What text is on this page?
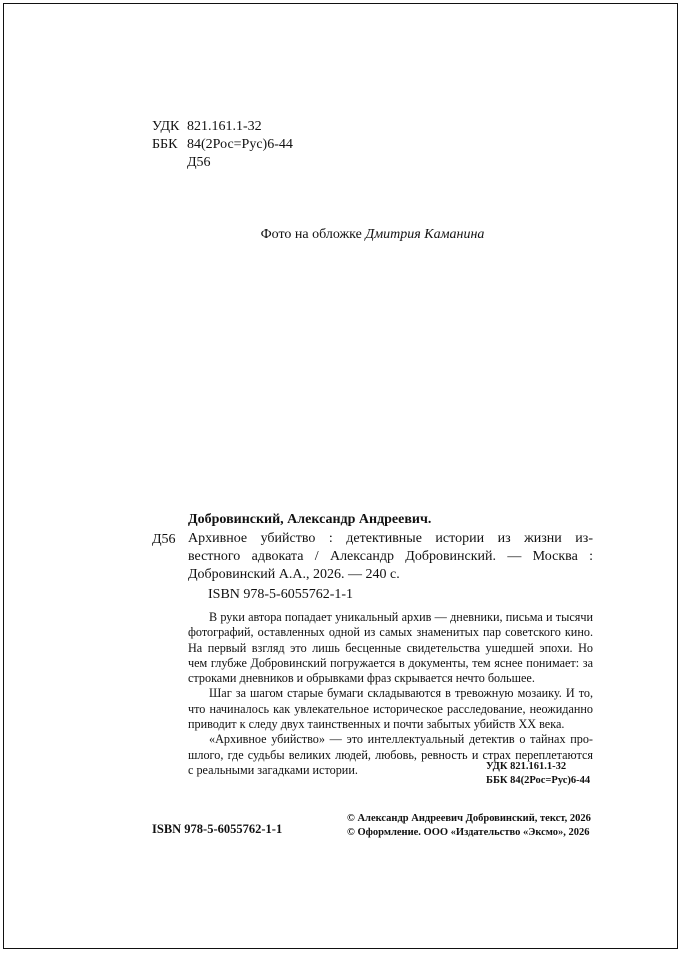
УДК 821.161.1-32
ББК 84(2Рос=Рус)6-44
Д56
Фото на обложке Дмитрия Каманина
Добровинский, Александр Андреевич.
Д56 Архивное убийство : детективные истории из жизни из-
вестного адвоката / Александр Добровинский. — Москва :
Добровинский А.А., 2026. — 240 с.
ISBN 978-5-6055762-1-1
В руки автора попадает уникальный архив — дневники, письма и тысячи
фотографий, оставленных одной из самых знаменитых пар советского кино.
На первый взгляд это лишь бесценные свидетельства ушедшей эпохи. Но
чем глубже Добровинский погружается в документы, тем яснее понимает: за
строками дневников и обрывками фраз скрывается нечто большее.
Шаг за шагом старые бумаги складываются в тревожную мозаику. И то,
что начиналось как увлекательное историческое расследование, неожиданно
приводит к следу двух таинственных и почти забытых убийств XX века.
«Архивное убийство» — это интеллектуальный детектив о тайнах про-
шлого, где судьбы великих людей, любовь, ревность и страх переплетаются
с реальными загадками истории.	УДК 821.161.1-32
ББК 84(2Рос=Рус)6-44
ISBN 978-5-6055762-1-1
© Александр Андреевич Добровинский, текст, 2026
© Оформление. ООО «Издательство «Эксмо», 2026
